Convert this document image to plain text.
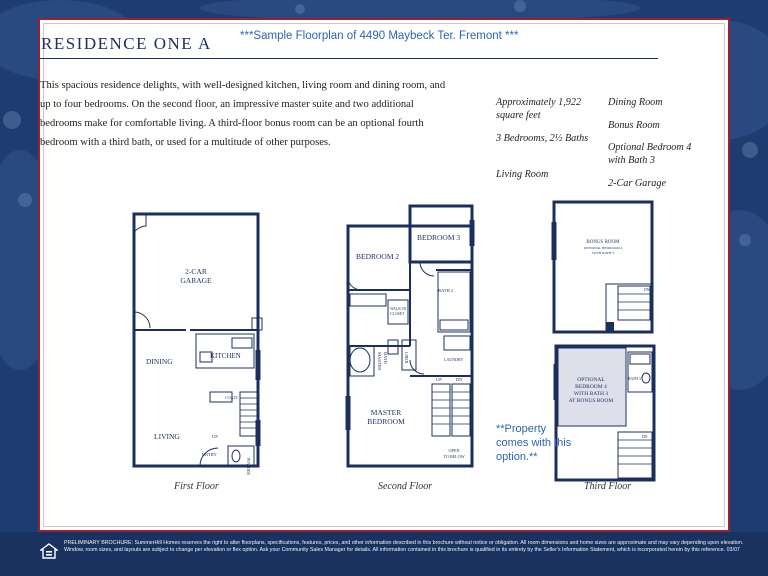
RESIDENCE ONE A ***Sample Floorplan of 4490 Maybeck Ter. Fremont ***
This spacious residence delights, with well-designed kitchen, living room and dining room, and up to four bedrooms. On the second floor, an impressive master suite and two additional bedrooms make for comfortable living. A third-floor bonus room can be an optional fourth bedroom with a third bath, or used for a multitude of other purposes.
Approximately 1,922 square feet
3 Bedrooms, 2½ Baths
Living Room
Dining Room
Bonus Room
Optional Bedroom 4 with Bath 3
2-Car Garage
2-CAR
GARAGE
DINING
KITCHEN
LIVING
COATS
ENTRY
UP
POWDER
BEDROOM 2
BEDROOM 3
BATH 2
WALK-IN
CLOSET
MASTER BATH
MASTER
BEDROOM
LAUNDRY
LINEN
UP	DN
OPEN
TO BELOW
BONUS ROOM
OPTIONAL BEDROOM 4
WITH BATH 3
DN
OPTIONAL
BEDROOM 4
WITH BATH 3
AT BONUS ROOM
BATH 3
DN
First Floor	Second Floor	Third Floor
**Property comes with this option.**
PRELIMINARY BROCHURE: SummerHill Homes reserves the right to alter floorplans, specifications, features, prices, and other information described in this brochure without notice or obligation. All room dimensions and home sizes are approximate and may vary depending upon elevation. Window, room sizes, and layouts are subject to change per elevation or flex option. Ask your Community Sales Manager for details. All information contained in this brochure is qualified in its entirety by the Seller's Information Statement, which is incorporated herein by this reference. 03/07
